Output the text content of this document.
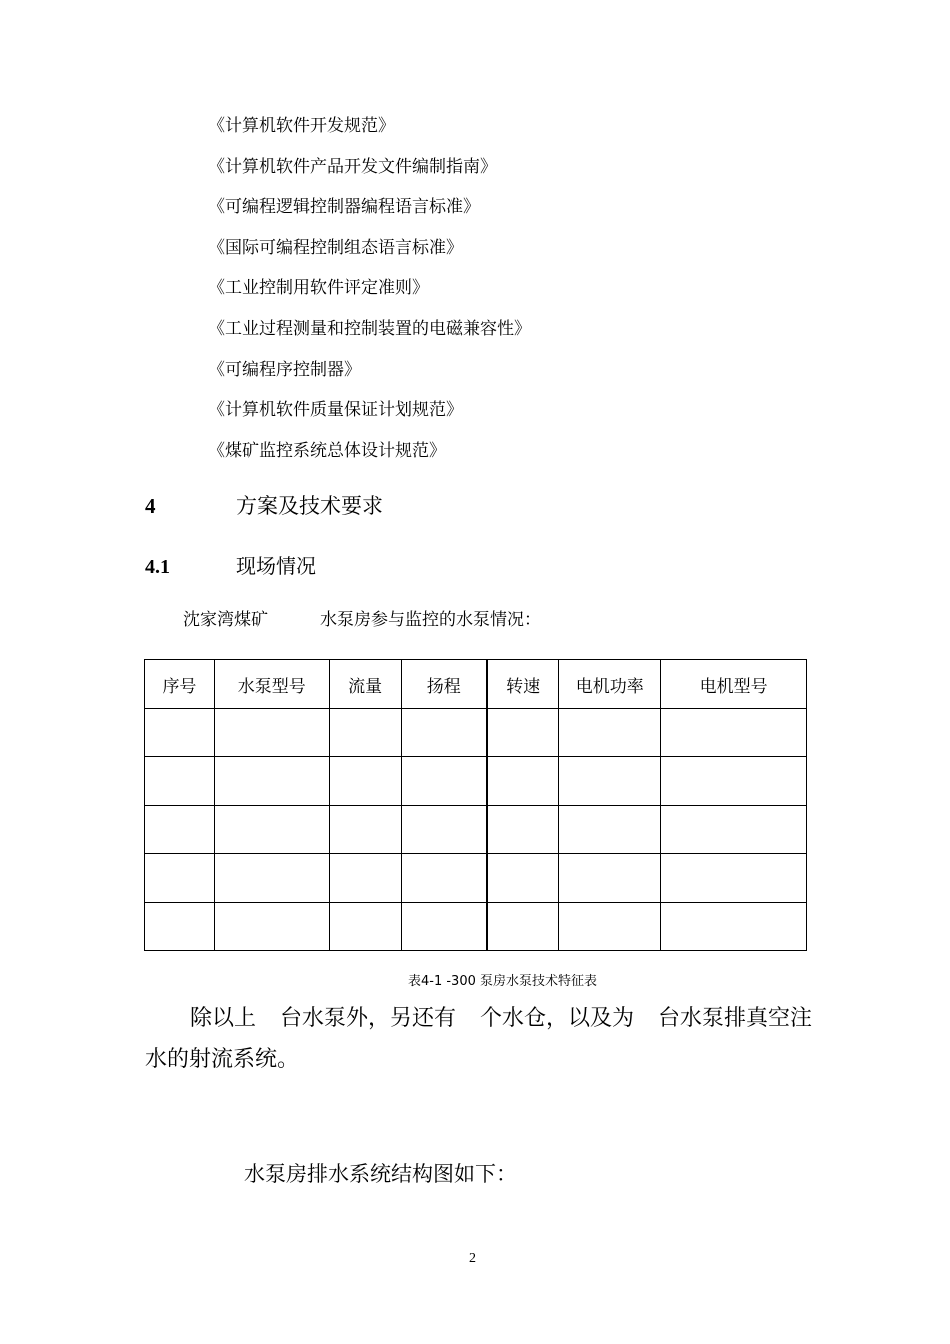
《计算机软件开发规范》
《计算机软件产品开发文件编制指南》
《可编程逻辑控制器编程语言标准》
《国际可编程控制组态语言标准》
《工业控制用软件评定准则》
《工业过程测量和控制装置的电磁兼容性》
《可编程序控制器》
《计算机软件质量保证计划规范》
《煤矿监控系统总体设计规范》
4	方案及技术要求
4.1	现场情况
沈家湾煤矿	水泵房参与监控的水泵情况：
序号	水泵型号	流量	扬程	转速	电机功率	电机型号

表4-1 -300 泵房水泵技术特征表
除以上 台水泵外，另还有 个水仓，以及为 台水泵排真空注水的射流系统。
水泵房排水系统结构图如下：
2
